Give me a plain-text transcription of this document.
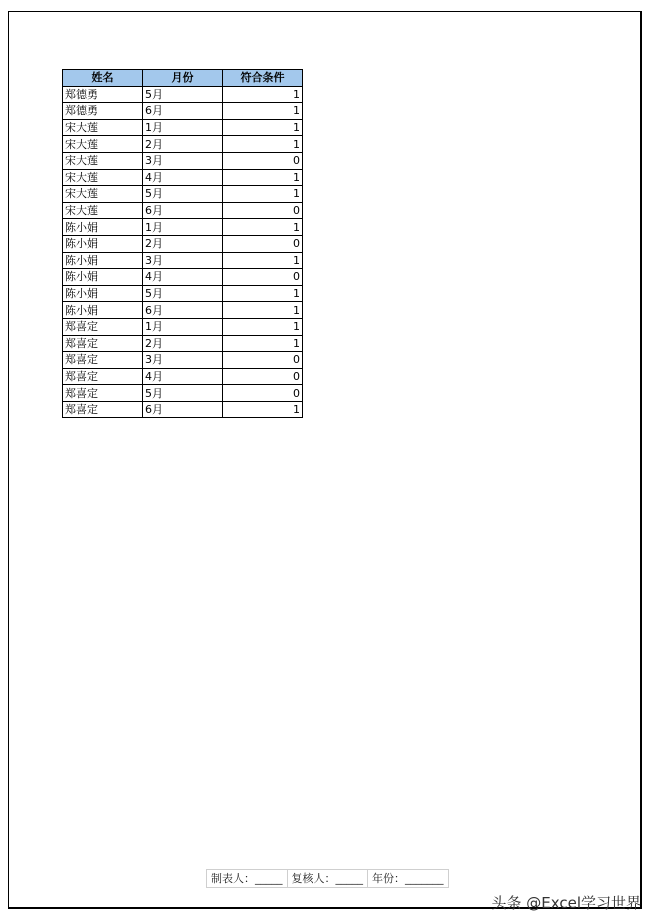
姓名	月份	符合条件
郑德勇	5月	1
郑德勇	6月	1
宋大莲	1月	1
宋大莲	2月	1
宋大莲	3月	0
宋大莲	4月	1
宋大莲	5月	1
宋大莲	6月	0
陈小娟	1月	1
陈小娟	2月	0
陈小娟	3月	1
陈小娟	4月	0
陈小娟	5月	1
陈小娟	6月	1
郑喜定	1月	1
郑喜定	2月	1
郑喜定	3月	0
郑喜定	4月	0
郑喜定	5月	0
郑喜定	6月	1
制表人：_____ 复核人：_____ 年份：_______
头条 @Excel学习世界
